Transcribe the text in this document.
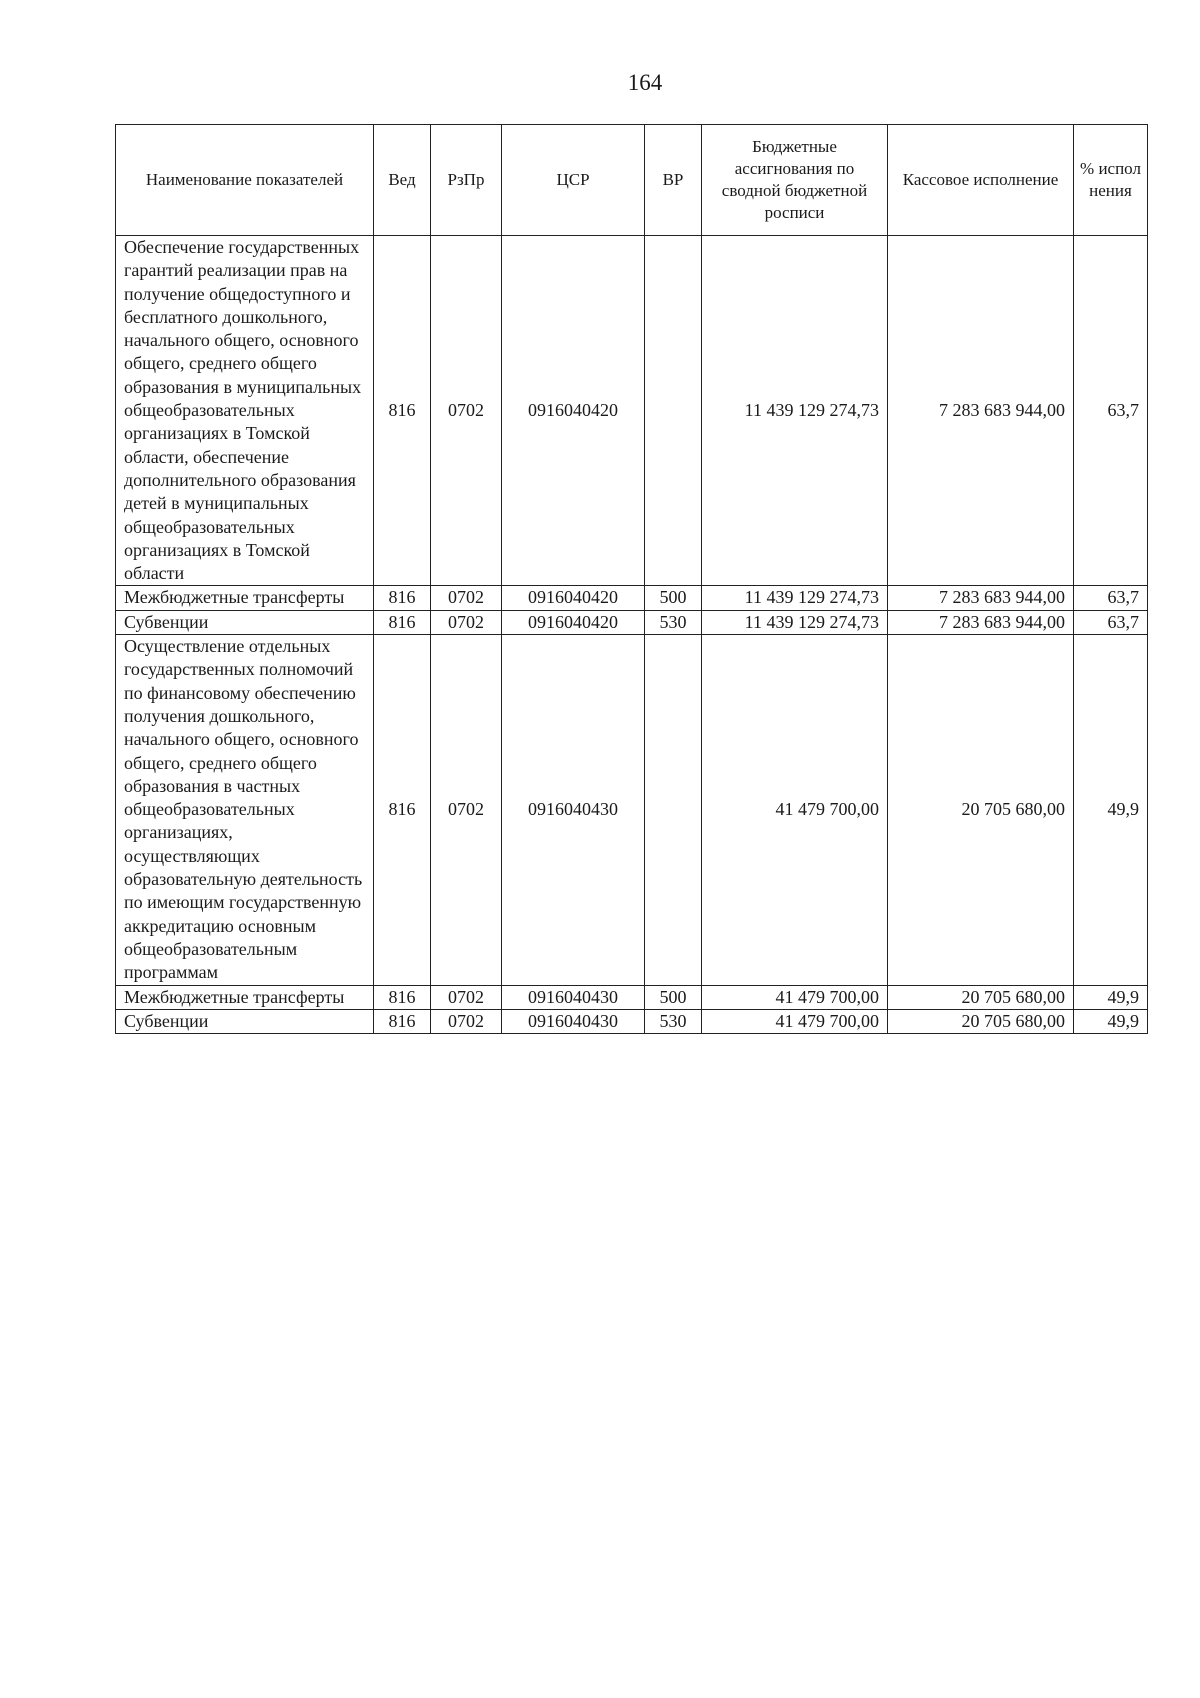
164
Наименование показателей	Вед	РзПр	ЦСР	ВР	Бюджетные ассигнования по сводной бюджетной росписи	Кассовое исполнение	% испол нения
Обеспечение государственных гарантий реализации прав на получение общедоступного и бесплатного дошкольного, начального общего, основного общего, среднего общего образования в муниципальных общеобразовательных организациях в Томской области, обеспечение дополнительного образования детей в муниципальных общеобразовательных организациях в Томской области	816	0702	0916040420		11 439 129 274,73	7 283 683 944,00	63,7
Межбюджетные трансферты	816	0702	0916040420	500	11 439 129 274,73	7 283 683 944,00	63,7
Субвенции	816	0702	0916040420	530	11 439 129 274,73	7 283 683 944,00	63,7
Осуществление отдельных государственных полномочий по финансовому обеспечению получения дошкольного, начального общего, основного общего, среднего общего образования в частных общеобразовательных организациях, осуществляющих образовательную деятельность по имеющим государственную аккредитацию основным общеобразовательным программам	816	0702	0916040430		41 479 700,00	20 705 680,00	49,9
Межбюджетные трансферты	816	0702	0916040430	500	41 479 700,00	20 705 680,00	49,9
Субвенции	816	0702	0916040430	530	41 479 700,00	20 705 680,00	49,9
